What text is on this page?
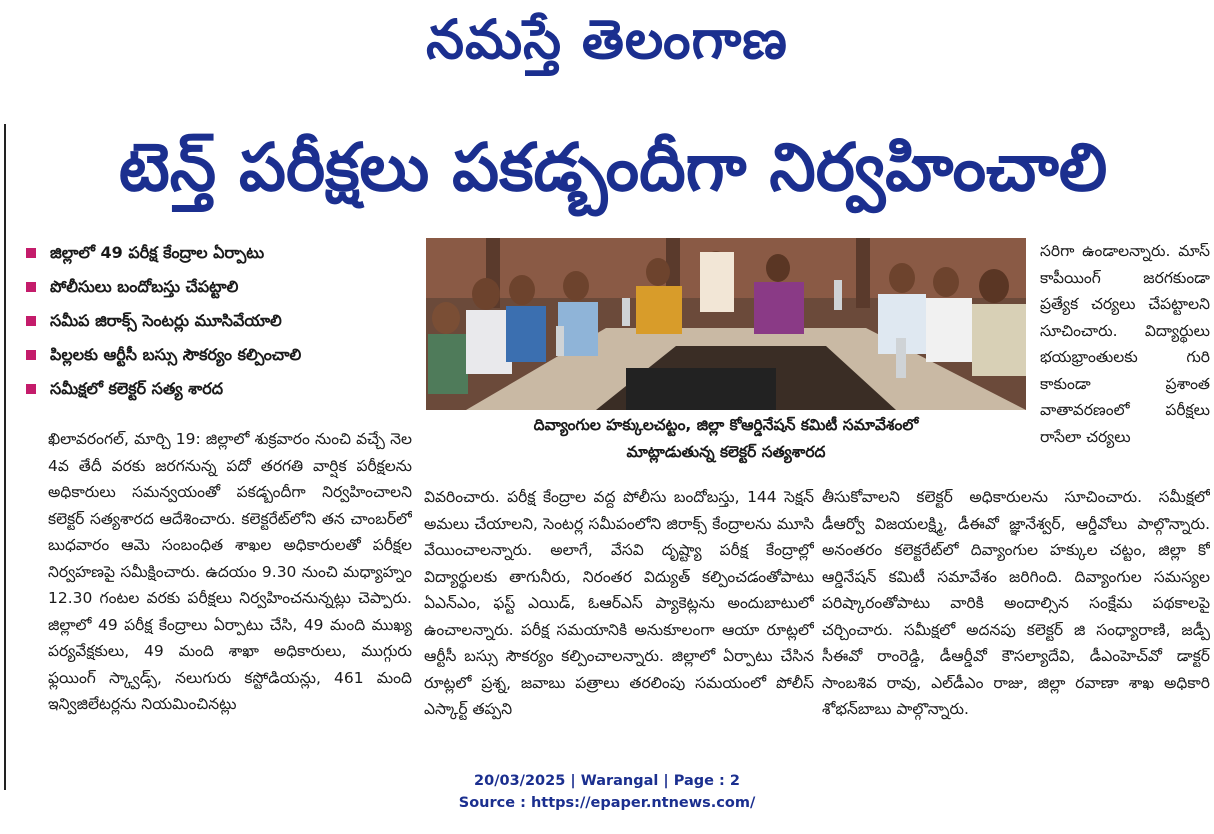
నమస్తే తెలంగాణ
టెన్త్ పరీక్షలు పకడ్బందీగా నిర్వహించాలి
జిల్లాలో 49 పరీక్ష కేంద్రాల ఏర్పాటు
పోలీసులు బందోబస్తు చేపట్టాలి
సమీప జిరాక్స్ సెంటర్లు మూసివేయాలి
పిల్లలకు ఆర్టీసీ బస్సు సౌకర్యం కల్పించాలి
సమీక్షలో కలెక్టర్ సత్య శారద
ఖిలావరంగల్, మార్చి 19: జిల్లాలో శుక్రవారం నుంచి వచ్చే నెల 4వ తేదీ వరకు జరగనున్న పదో తరగతి వార్షిక పరీక్షలను అధికారులు సమన్వయంతో పకడ్బందీగా నిర్వహించాలని కలెక్టర్ సత్యశారద ఆదేశించారు. కలెక్టరేట్‌లోని తన చాంబర్‌లో బుధవారం ఆమె సంబంధిత శాఖల అధికారులతో పరీక్షల నిర్వహణపై సమీక్షించారు. ఉదయం 9.30 నుంచి మధ్యాహ్నం 12.30 గంటల వరకు పరీక్షలు నిర్వహించనున్నట్లు చెప్పారు. జిల్లాలో 49 పరీక్ష కేంద్రాలు ఏర్పాటు చేసి, 49 మంది ముఖ్య పర్యవేక్షకులు, 49 మంది శాఖా అధికారులు, ముగ్గురు ఫ్లయింగ్ స్క్వాడ్స్, నలుగురు కస్టోడియన్లు, 461 మంది ఇన్విజిలేటర్లను నియమించినట్లు
దివ్యాంగుల హక్కులచట్టం, జిల్లా కోఆర్డినేషన్ కమిటీ సమావేశంలో
మాట్లాడుతున్న కలెక్టర్ సత్యశారద
సరిగా ఉండాలన్నారు. మాస్ కాపీయింగ్ జరగకుండా ప్రత్యేక చర్యలు చేపట్టాలని సూచించారు. విద్యార్థులు భయభ్రాంతులకు గురి కాకుండా ప్రశాంత వాతావరణంలో పరీక్షలు రాసేలా చర్యలు
వివరించారు. పరీక్ష కేంద్రాల వద్ద పోలీసు బందోబస్తు, 144 సెక్షన్ అమలు చేయాలని, సెంటర్ల సమీపంలోని జిరాక్స్ కేంద్రాలను మూసి వేయించాలన్నారు. అలాగే, వేసవి దృష్ట్యా పరీక్ష కేంద్రాల్లో విద్యార్థులకు తాగునీరు, నిరంతర విద్యుత్ కల్పించడంతోపాటు ఏఎన్ఎం, ఫస్ట్ ఎయిడ్, ఓఆర్ఎస్ ప్యాకెట్లను అందుబాటులో ఉంచాలన్నారు. పరీక్ష సమయానికి అనుకూలంగా ఆయా రూట్లలో ఆర్టీసీ బస్సు సౌకర్యం కల్పించాలన్నారు. జిల్లాలో ఏర్పాటు చేసిన రూట్లలో ప్రశ్న, జవాబు పత్రాలు తరలింపు సమయంలో పోలీస్ ఎస్కార్ట్ తప్పని
తీసుకోవాలని కలెక్టర్ అధికారులను సూచించారు. సమీక్షలో డీఆర్వో విజయలక్ష్మి, డీఈవో జ్ఞానేశ్వర్, ఆర్డీవోలు పాల్గొన్నారు. అనంతరం కలెక్టరేట్‌లో దివ్యాంగుల హక్కుల చట్టం, జిల్లా కో ఆర్డినేషన్ కమిటీ సమావేశం జరిగింది. దివ్యాంగుల సమస్యల పరిష్కారంతోపాటు వారికి అందాల్సిన సంక్షేమ పథకాలపై చర్చించారు. సమీక్షలో అదనపు కలెక్టర్ జి సంధ్యారాణి, జడ్పీ సీఈవో రాంరెడ్డి, డీఆర్డీవో కౌసల్యాదేవి, డీఎంహెచ్‌వో డాక్టర్ సాంబశివ రావు, ఎల్‌డీఎం రాజు, జిల్లా రవాణా శాఖ అధికారి శోభన్‌బాబు పాల్గొన్నారు.
20/03/2025 | Warangal | Page : 2
Source : https://epaper.ntnews.com/
